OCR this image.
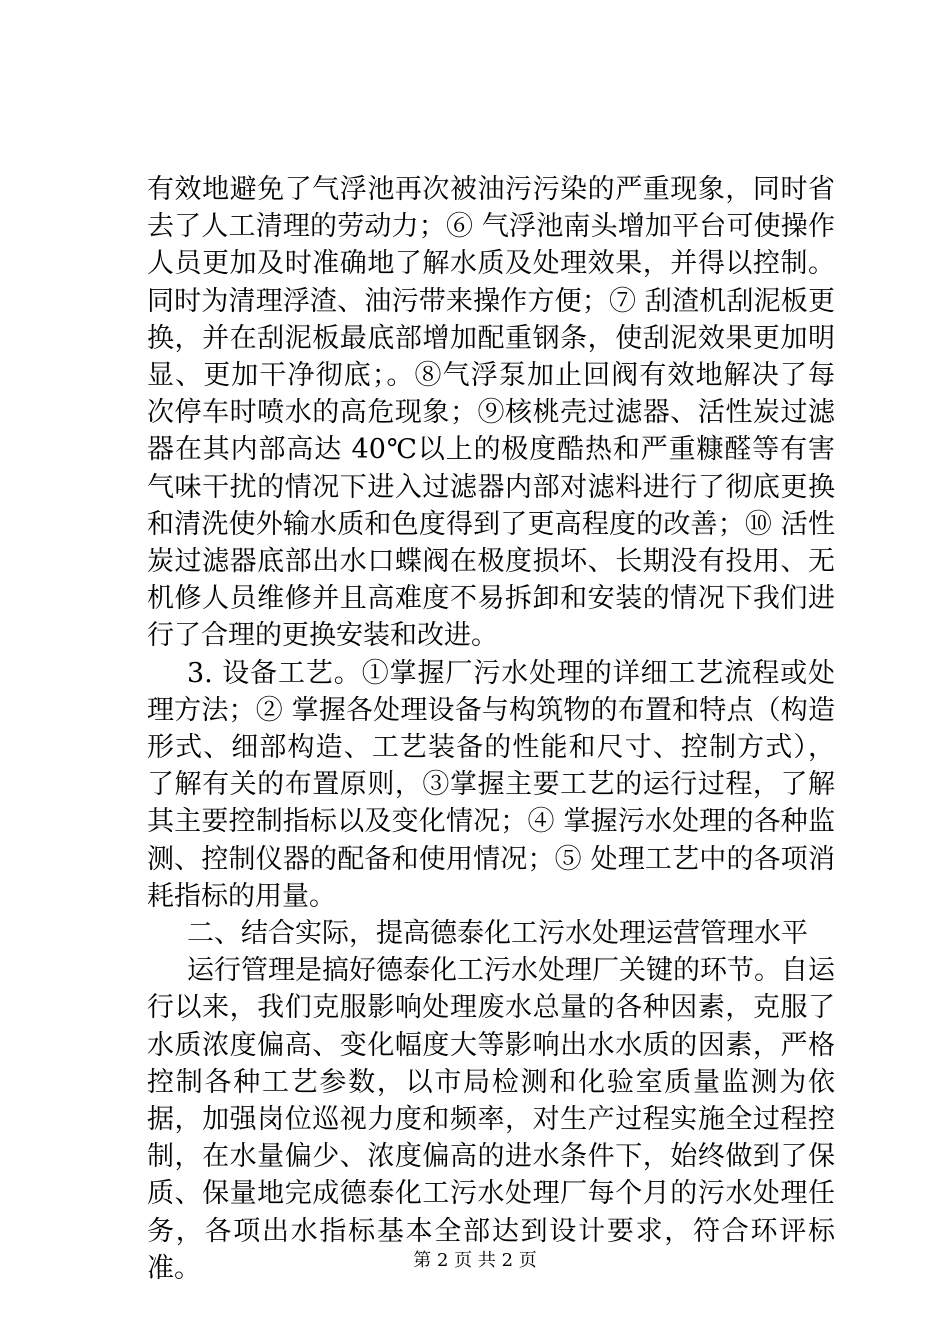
有效地避免了气浮池再次被油污污染的严重现象，同时省去了人工清理的劳动力；⑥ 气浮池南头增加平台可使操作人员更加及时准确地了解水质及处理效果，并得以控制。同时为清理浮渣、油污带来操作方便；⑦ 刮渣机刮泥板更换，并在刮泥板最底部增加配重钢条，使刮泥效果更加明显、更加干净彻底；。⑧气浮泵加止回阀有效地解决了每次停车时喷水的高危现象；⑨核桃壳过滤器、活性炭过滤器在其内部高达 40℃以上的极度酷热和严重糠醛等有害气味干扰的情况下进入过滤器内部对滤料进行了彻底更换和清洗使外输水质和色度得到了更高程度的改善；⑩ 活性炭过滤器底部出水口蝶阀在极度损坏、长期没有投用、无机修人员维修并且高难度不易拆卸和安装的情况下我们进行了合理的更换安装和改进。

3. 设备工艺。①掌握厂污水处理的详细工艺流程或处理方法；② 掌握各处理设备与构筑物的布置和特点（构造形式、细部构造、工艺装备的性能和尺寸、控制方式），了解有关的布置原则，③掌握主要工艺的运行过程，了解其主要控制指标以及变化情况；④ 掌握污水处理的各种监测、控制仪器的配备和使用情况；⑤ 处理工艺中的各项消耗指标的用量。

二、结合实际，提高德泰化工污水处理运营管理水平

运行管理是搞好德泰化工污水处理厂关键的环节。自运行以来，我们克服影响处理废水总量的各种因素，克服了水质浓度偏高、变化幅度大等影响出水水质的因素，严格控制各种工艺参数，以市局检测和化验室质量监测为依据，加强岗位巡视力度和频率，对生产过程实施全过程控制，在水量偏少、浓度偏高的进水条件下，始终做到了保质、保量地完成德泰化工污水处理厂每个月的污水处理任务，各项出水指标基本全部达到设计要求，符合环评标准。	第 2 页 共 2 页
